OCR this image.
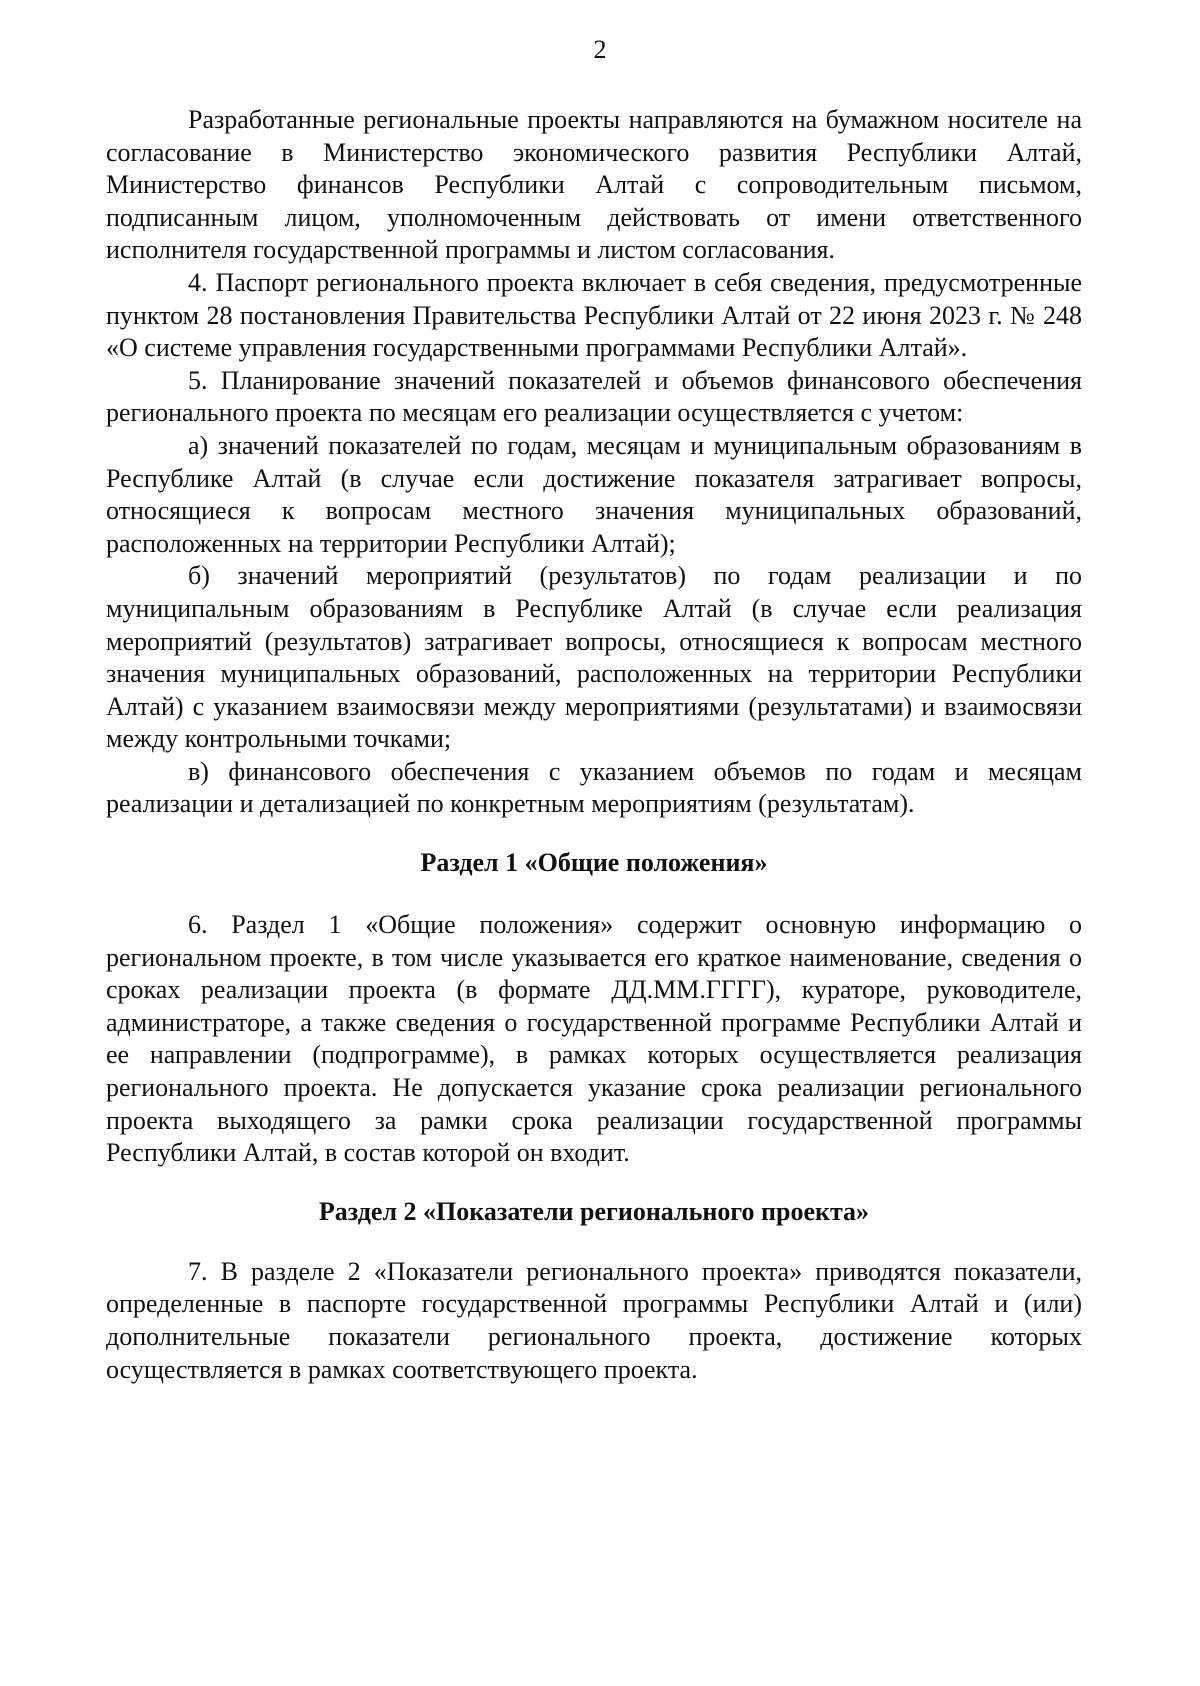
2

Разработанные региональные проекты направляются на бумажном носителе на согласование в Министерство экономического развития Республики Алтай, Министерство финансов Республики Алтай с сопроводительным письмом, подписанным лицом, уполномоченным действовать от имени ответственного исполнителя государственной программы и листом согласования.

4. Паспорт регионального проекта включает в себя сведения, предусмотренные пунктом 28 постановления Правительства Республики Алтай от 22 июня 2023 г. № 248 «О системе управления государственными программами Республики Алтай».

5. Планирование значений показателей и объемов финансового обеспечения регионального проекта по месяцам его реализации осуществляется с учетом:

а) значений показателей по годам, месяцам и муниципальным образованиям в Республике Алтай (в случае если достижение показателя затрагивает вопросы, относящиеся к вопросам местного значения муниципальных образований, расположенных на территории Республики Алтай);

б) значений мероприятий (результатов) по годам реализации и по муниципальным образованиям в Республике Алтай (в случае если реализация мероприятий (результатов) затрагивает вопросы, относящиеся к вопросам местного значения муниципальных образований, расположенных на территории Республики Алтай) с указанием взаимосвязи между мероприятиями (результатами) и взаимосвязи между контрольными точками;

в) финансового обеспечения с указанием объемов по годам и месяцам реализации и детализацией по конкретным мероприятиям (результатам).

Раздел 1 «Общие положения»

6. Раздел 1 «Общие положения» содержит основную информацию о региональном проекте, в том числе указывается его краткое наименование, сведения о сроках реализации проекта (в формате ДД.ММ.ГГГГ), кураторе, руководителе, администраторе, а также сведения о государственной программе Республики Алтай и ее направлении (подпрограмме), в рамках которых осуществляется реализация регионального проекта. Не допускается указание срока реализации регионального проекта выходящего за рамки срока реализации государственной программы Республики Алтай, в состав которой он входит.

Раздел 2 «Показатели регионального проекта»

7. В разделе 2 «Показатели регионального проекта» приводятся показатели, определенные в паспорте государственной программы Республики Алтай и (или) дополнительные показатели регионального проекта, достижение которых осуществляется в рамках соответствующего проекта.
